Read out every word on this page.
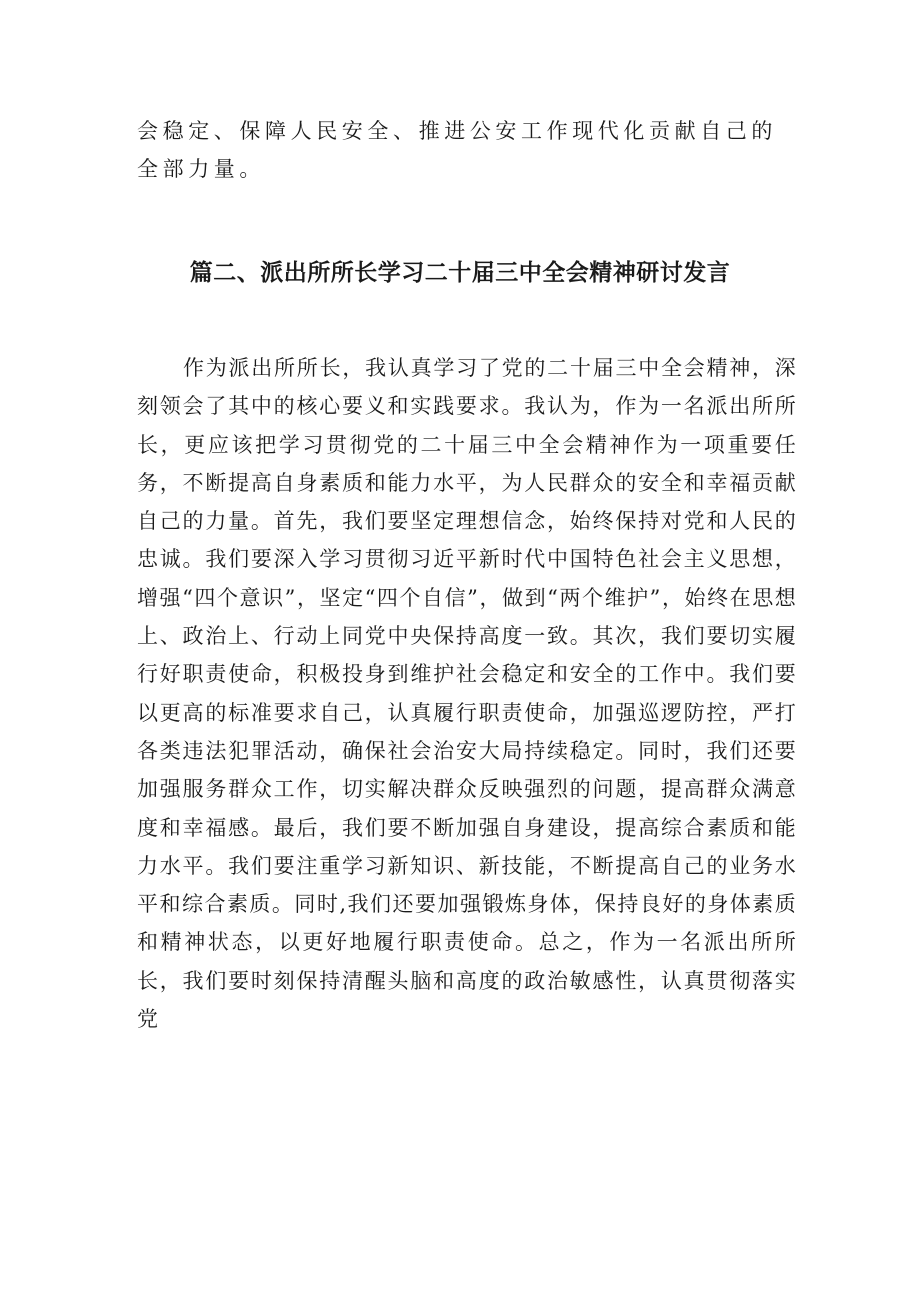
会稳定、保障人民安全、推进公安工作现代化贡献自己的全部力量。

篇二、派出所所长学习二十届三中全会精神研讨发言

作为派出所所长，我认真学习了党的二十届三中全会精神，深刻领会了其中的核心要义和实践要求。我认为，作为一名派出所所长，更应该把学习贯彻党的二十届三中全会精神作为一项重要任务，不断提高自身素质和能力水平，为人民群众的安全和幸福贡献自己的力量。首先，我们要坚定理想信念，始终保持对党和人民的忠诚。我们要深入学习贯彻习近平新时代中国特色社会主义思想，增强“四个意识”，坚定“四个自信”，做到“两个维护”，始终在思想上、政治上、行动上同党中央保持高度一致。其次，我们要切实履行好职责使命，积极投身到维护社会稳定和安全的工作中。我们要以更高的标准要求自己，认真履行职责使命，加强巡逻防控，严打各类违法犯罪活动，确保社会治安大局持续稳定。同时，我们还要加强服务群众工作，切实解决群众反映强烈的问题，提高群众满意度和幸福感。最后，我们要不断加强自身建设，提高综合素质和能力水平。我们要注重学习新知识、新技能，不断提高自己的业务水平和综合素质。同时,我们还要加强锻炼身体，保持良好的身体素质和精神状态，以更好地履行职责使命。总之，作为一名派出所所长，我们要时刻保持清醒头脑和高度的政治敏感性，认真贯彻落实党
